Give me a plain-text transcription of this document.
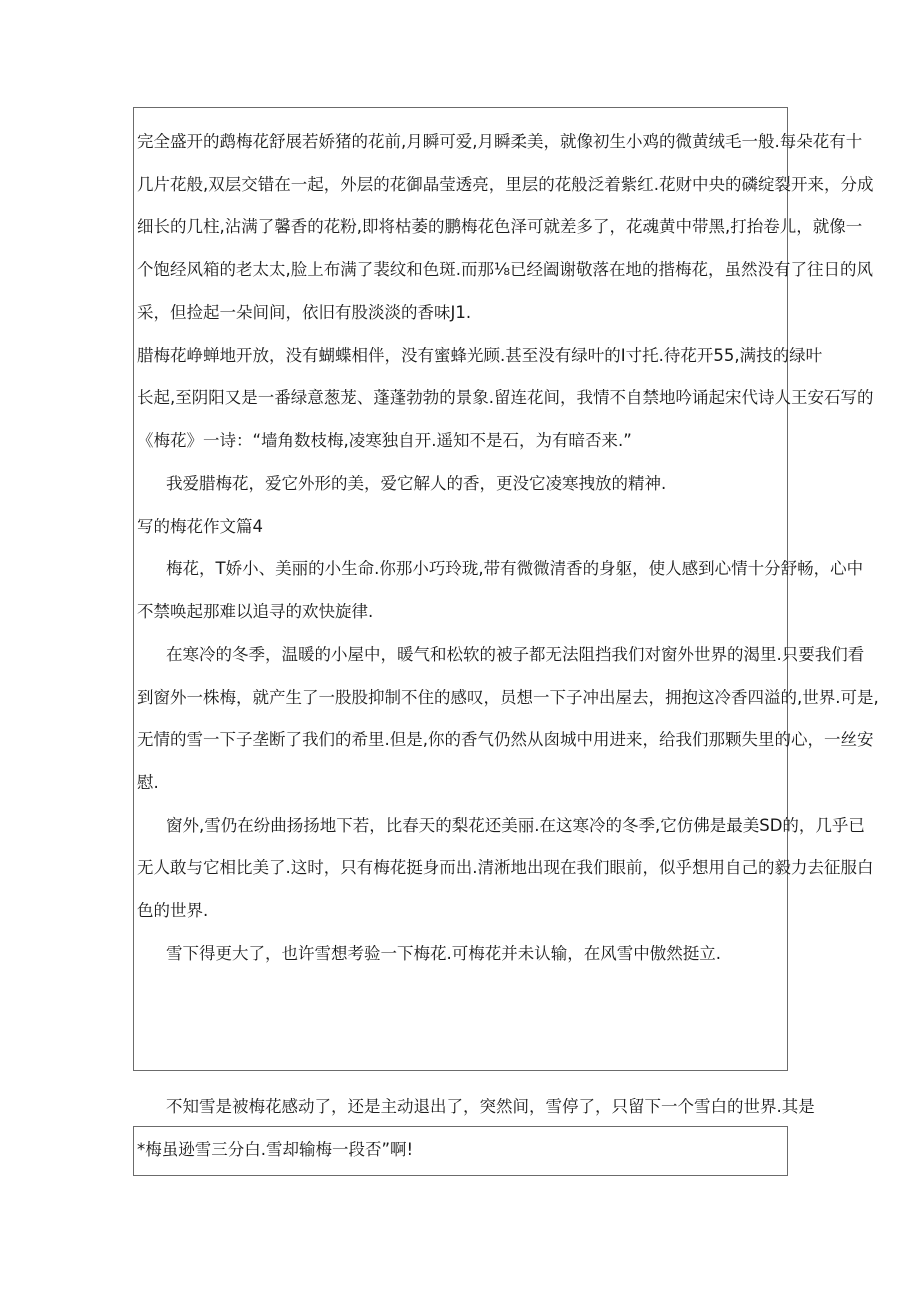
完全盛开的鹉梅花舒展若娇猪的花前,月瞬可爱,月瞬柔美，就像初生小鸡的微黄绒毛一般.每朵花有十
几片花般,双层交错在一起，外层的花御晶莹透亮，里层的花般泛着紫红.花财中央的磷绽裂开来，分成
细长的几柱,沾满了馨香的花粉,即将枯萎的鹏梅花色泽可就差多了，花魂黄中带黑,打抬卷儿，就像一
个饱经风箱的老太太,脸上布满了裴纹和色斑.而那⅛已经阖谢敬落在地的揩梅花，虽然没有了往日的风
采，但捡起一朵间间，依旧有股淡淡的香味J1.
腊梅花峥蝉地开放，没有蝴蝶相伴，没有蜜蜂光顾.甚至没有绿叶的I寸托.待花开55,满技的绿叶
长起,至阴阳又是一番绿意葱茏、蓬蓬勃勃的景象.留连花间，我情不自禁地吟诵起宋代诗人王安石写的
《梅花》一诗：“墙角数枝梅,凌寒独自开.遥知不是石，为有暗否来.”
我爱腊梅花，爱它外形的美，爱它解人的香，更没它凌寒拽放的精神.
写的梅花作文篇4
梅花，T娇小、美丽的小生命.你那小巧玲珑,带有微微清香的身躯，使人感到心情十分舒畅，心中
不禁唤起那难以追寻的欢快旋律.
在寒冷的冬季，温暖的小屋中，暖气和松软的被子都无法阻挡我们对窗外世界的渴里.只要我们看
到窗外一株梅，就产生了一股股抑制不住的感叹，员想一下子冲出屋去，拥抱这冷香四溢的,世界.可是,
无情的雪一下子垄断了我们的希里.但是,你的香气仍然从囱城中用进来，给我们那颗失里的心，一丝安
慰.
窗外,雪仍在纷曲扬扬地下若，比春天的梨花还美丽.在这寒冷的冬季,它仿佛是最美SD的，几乎已
无人敢与它相比美了.这时，只有梅花挺身而出.清淅地出现在我们眼前，似乎想用自己的毅力去征服白
色的世界.
雪下得更大了，也许雪想考验一下梅花.可梅花并未认输，在风雪中傲然挺立.
不知雪是被梅花感动了，还是主动退出了，突然间，雪停了，只留下一个雪白的世界.其是
*梅虽逊雪三分白.雪却输梅一段否”啊!
